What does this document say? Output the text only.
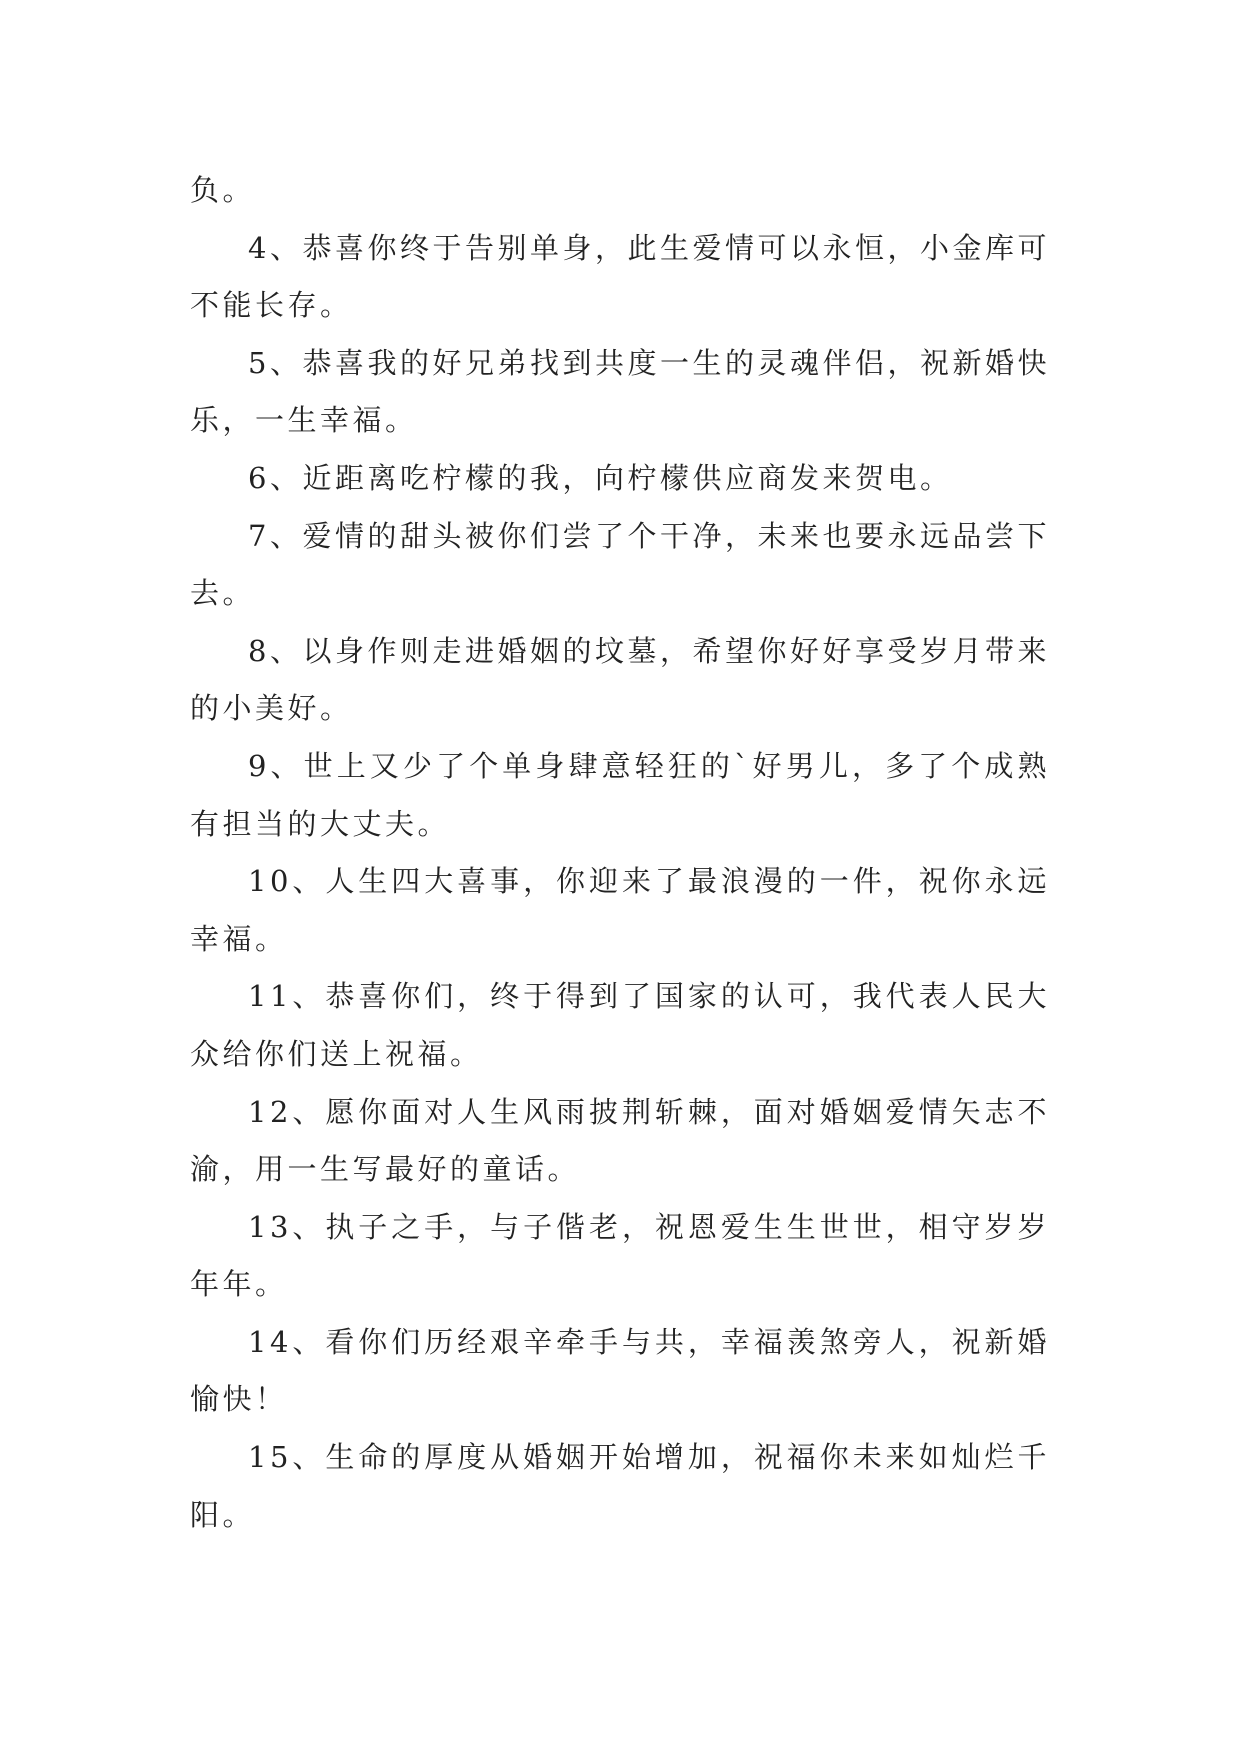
负。

4、恭喜你终于告别单身，此生爱情可以永恒，小金库可不能长存。

5、恭喜我的好兄弟找到共度一生的灵魂伴侣，祝新婚快乐，一生幸福。

6、近距离吃柠檬的我，向柠檬供应商发来贺电。

7、爱情的甜头被你们尝了个干净，未来也要永远品尝下去。

8、以身作则走进婚姻的坟墓，希望你好好享受岁月带来的小美好。

9、世上又少了个单身肆意轻狂的`好男儿，多了个成熟有担当的大丈夫。

10、人生四大喜事，你迎来了最浪漫的一件，祝你永远幸福。

11、恭喜你们，终于得到了国家的认可，我代表人民大众给你们送上祝福。

12、愿你面对人生风雨披荆斩棘，面对婚姻爱情矢志不渝，用一生写最好的童话。

13、执子之手，与子偕老，祝恩爱生生世世，相守岁岁年年。

14、看你们历经艰辛牵手与共，幸福羡煞旁人，祝新婚愉快！

15、生命的厚度从婚姻开始增加，祝福你未来如灿烂千阳。
